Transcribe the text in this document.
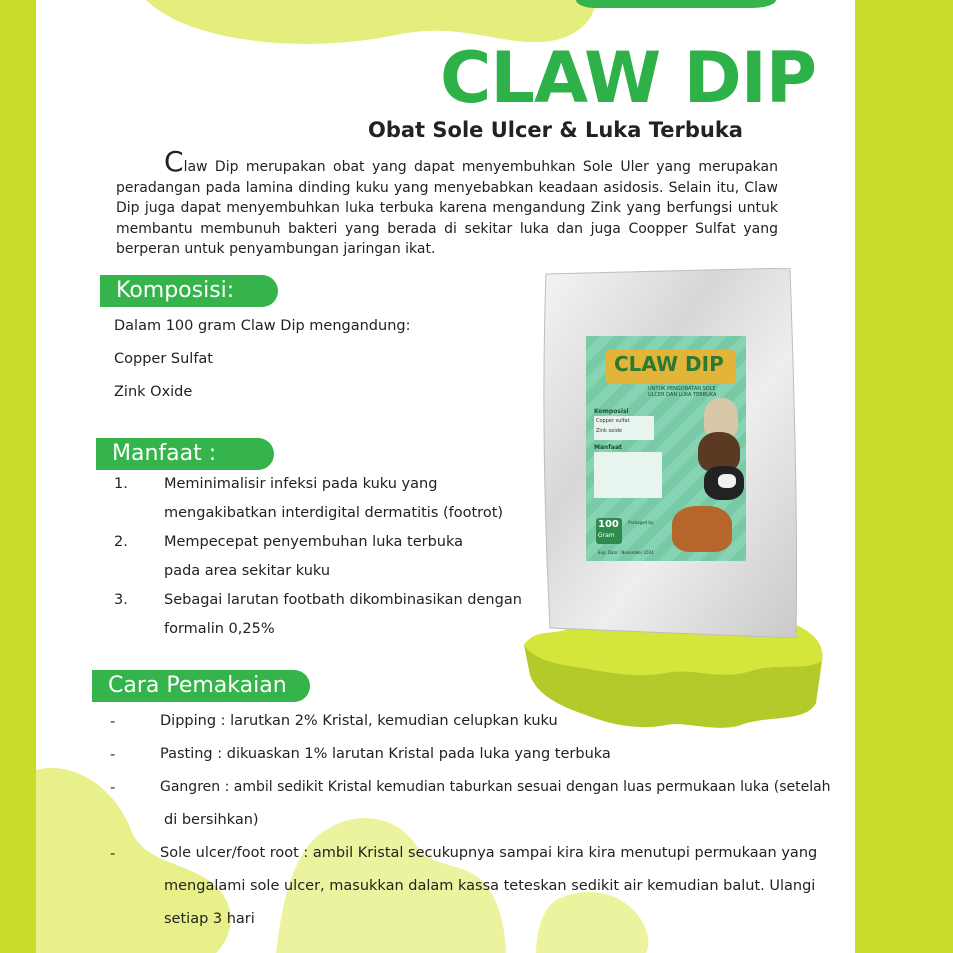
CLAW DIP
Obat Sole Ulcer & Luka Terbuka
Claw Dip merupakan obat yang dapat menyembuhkan Sole Uler yang merupakan peradangan pada lamina dinding kuku yang menyebabkan keadaan asidosis. Selain itu, Claw Dip juga dapat menyembuhkan luka terbuka karena mengandung Zink yang berfungsi untuk membantu membunuh bakteri yang berada di sekitar luka dan juga Coopper Sulfat yang berperan untuk penyambungan jaringan ikat.
Komposisi:
Dalam 100 gram Claw Dip mengandung:
Copper Sulfat
Zink Oxide
Manfaat :
1. Meminimalisir infeksi pada kuku yang
mengakibatkan interdigital dermatitis (footrot)
2. Mempecepat penyembuhan luka terbuka
pada area sekitar kuku
3. Sebagai larutan footbath dikombinasikan dengan
formalin 0,25%
Cara Pemakaian
-	Dipping : larutkan 2% Kristal, kemudian celupkan kuku
-	Pasting : dikuaskan 1% larutan Kristal pada luka yang terbuka
-	Gangren : ambil sedikit Kristal kemudian taburkan sesuai dengan luas permukaan luka (setelah
di bersihkan)
-	Sole ulcer/foot root : ambil Kristal secukupnya sampai kira kira menutupi permukaan yang
mengalami sole ulcer, masukkan dalam kassa teteskan sedikit air kemudian balut. Ulangi
setiap 3 hari
CLAW DIP
UNTUK PENGOBATAN SOLE
ULCER DAN LUKA TERBUKA
Komposisi
Copper sulfat
Zink oxide
Manfaat
100
Gram
Packaged by:
Exp. Date : November 2024
